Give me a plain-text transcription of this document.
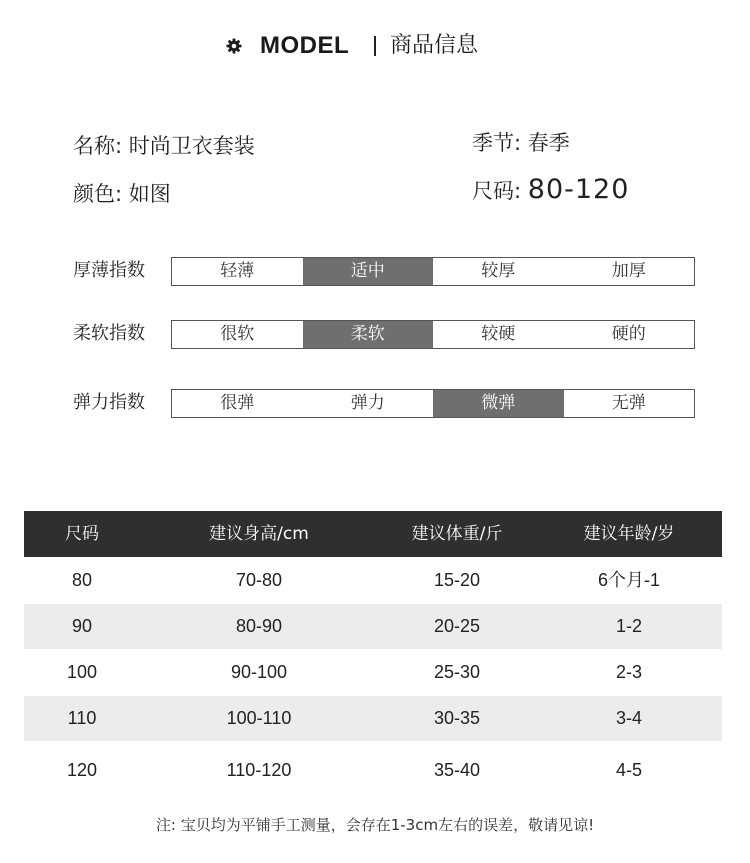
MODEL 商品信息
名称: 时尚卫衣套装	季节: 春季
颜色: 如图	尺码: 80-120
厚薄指数	轻薄	适中	较厚	加厚
柔软指数	很软	柔软	较硬	硬的
弹力指数	很弹	弹力	微弹	无弹
尺码	建议身高/cm	建议体重/斤	建议年龄/岁
80	70-80	15-20	6个月-1
90	80-90	20-25	1-2
100	90-100	25-30	2-3
110	100-110	30-35	3-4
120	110-120	35-40	4-5
注: 宝贝均为平铺手工测量，会存在1-3cm左右的误差，敬请见谅!
